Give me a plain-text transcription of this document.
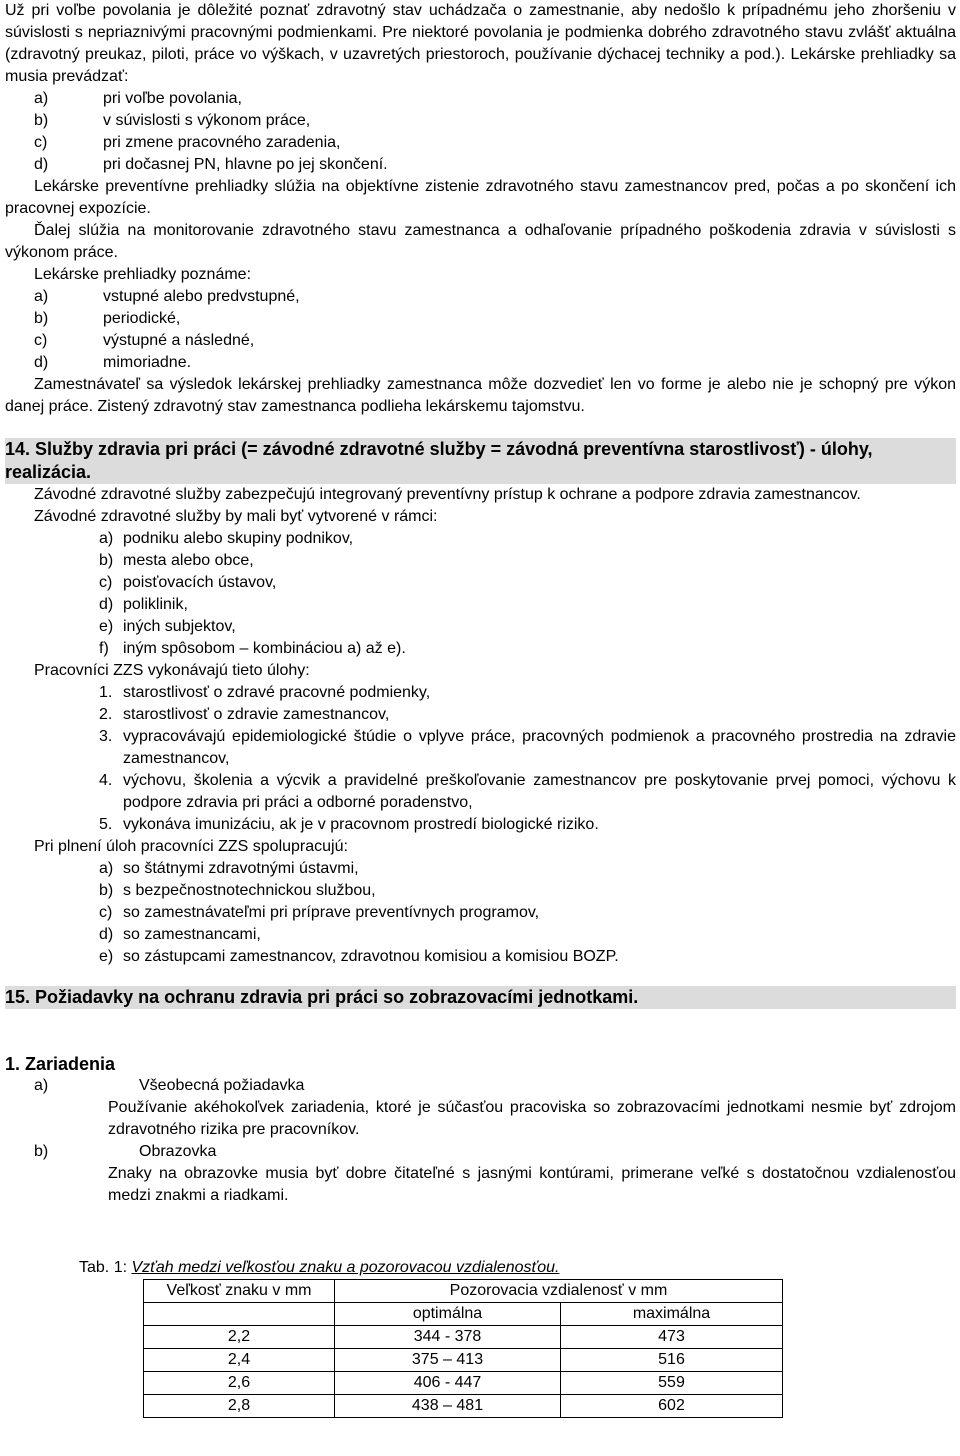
Už pri voľbe povolania je dôležité poznať zdravotný stav uchádzača o zamestnanie, aby nedošlo k prípadnému jeho zhoršeniu v súvislosti s nepriaznivými pracovnými podmienkami. Pre niektoré povolania je podmienka dobrého zdravotného stavu zvlášť aktuálna (zdravotný preukaz, piloti, práce vo výškach, v uzavretých priestoroch, používanie dýchacej techniky a pod.). Lekárske prehliadky sa musia prevádzať:

a)	pri voľbe povolania,
b)	v súvislosti s výkonom práce,
c)	pri zmene pracovného zaradenia,
d)	pri dočasnej PN, hlavne po jej skončení.

Lekárske preventívne prehliadky slúžia na objektívne zistenie zdravotného stavu zamestnancov pred, počas a po skončení ich pracovnej expozície.

Ďalej slúžia na monitorovanie zdravotného stavu zamestnanca a odhaľovanie prípadného poškodenia zdravia v súvislosti s výkonom práce.

Lekárske prehliadky poznáme:

a)	vstupné alebo predvstupné,
b)	periodické,
c)	výstupné a následné,
d)	mimoriadne.

Zamestnávateľ sa výsledok lekárskej prehliadky zamestnanca môže dozvedieť len vo forme je alebo nie je schopný pre výkon danej práce. Zistený zdravotný stav zamestnanca podlieha lekárskemu tajomstvu.

14. Služby zdravia pri práci (= závodné zdravotné služby = závodná preventívna starostlivosť) - úlohy, realizácia.

Závodné zdravotné služby zabezpečujú integrovaný preventívny prístup k ochrane a podpore zdravia zamestnancov.

Závodné zdravotné služby by mali byť vytvorené v rámci:

a) podniku alebo skupiny podnikov,
b) mesta alebo obce,
c) poisťovacích ústavov,
d) poliklinik,
e) iných subjektov,
f) iným spôsobom – kombináciou a) až e).

Pracovníci ZZS vykonávajú tieto úlohy:

1. starostlivosť o zdravé pracovné podmienky,
2. starostlivosť o zdravie zamestnancov,
3. vypracovávajú epidemiologické štúdie o vplyve práce, pracovných podmienok a pracovného prostredia na zdravie zamestnancov,
4. výchovu, školenia a výcvik a pravidelné preškoľovanie zamestnancov pre poskytovanie prvej pomoci, výchovu k podpore zdravia pri práci a odborné poradenstvo,
5. vykonáva imunizáciu, ak je v pracovnom prostredí biologické riziko.

Pri plnení úloh pracovníci ZZS spolupracujú:

a) so štátnymi zdravotnými ústavmi,
b) s bezpečnostnotechnickou službou,
c) so zamestnávateľmi pri príprave preventívnych programov,
d) so zamestnancami,
e) so zástupcami zamestnancov, zdravotnou komisiou a komisiou BOZP.
15. Požiadavky na ochranu zdravia pri práci so zobrazovacími jednotkami.
1. Zariadenia
a)	Všeobecná požiadavka
Používanie akéhokoľvek zariadenia, ktoré je súčasťou pracoviska so zobrazovacími jednotkami nesmie byť zdrojom zdravotného rizika pre pracovníkov.
b)	Obrazovka
Znaky na obrazovke musia byť dobre čitateľné s jasnými kontúrami, primerane veľké s dostatočnou vzdialenosťou medzi znakmi a riadkami.
Tab. 1: Vzťah medzi veľkosťou znaku a pozorovacou vzdialenosťou.
Veľkosť znaku v mm	Pozorovacia vzdialenosť v mm	
	optimálna	maximálna
2,2	344 - 378	473
2,4	375 – 413	516
2,6	406 - 447	559
2,8	438 – 481	602
